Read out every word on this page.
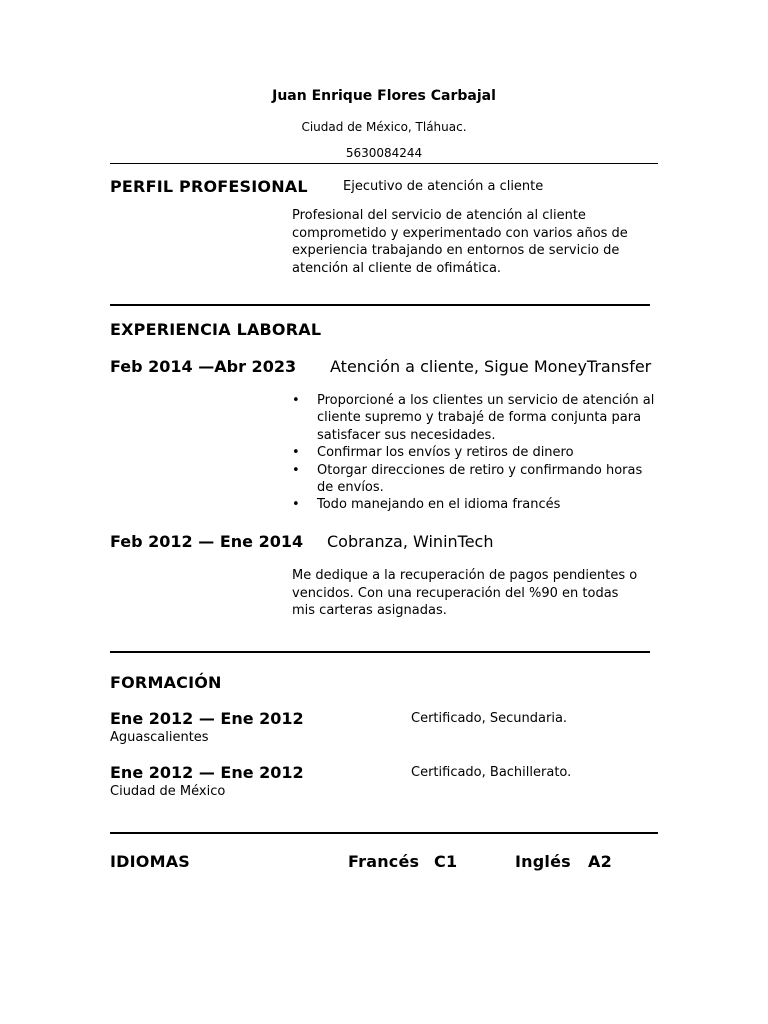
Juan Enrique Flores Carbajal
Ciudad de México, Tláhuac.
5630084244
PERFIL PROFESIONAL	Ejecutivo de atención a cliente
Profesional del servicio de atención al cliente comprometido y experimentado con varios años de experiencia trabajando en entornos de servicio de atención al cliente de ofimática.
EXPERIENCIA LABORAL
Feb 2014 —Abr 2023 Atención a cliente, Sigue MoneyTransfer
• Proporcioné a los clientes un servicio de atención al cliente supremo y trabajé de forma conjunta para satisfacer sus necesidades.
• Confirmar los envíos y retiros de dinero
• Otorgar direcciones de retiro y confirmando horas de envíos.
• Todo manejando en el idioma francés
Feb 2012 — Ene 2014 Cobranza, WininTech
Me dedique a la recuperación de pagos pendientes o vencidos. Con una recuperación del %90 en todas mis carteras asignadas.
FORMACIÓN
Ene 2012 — Ene 2012
Aguascalientes
Certificado, Secundaria.
Ene 2012 — Ene 2012
Ciudad de México
Certificado, Bachillerato.
IDIOMAS	Francés C1	Inglés A2
